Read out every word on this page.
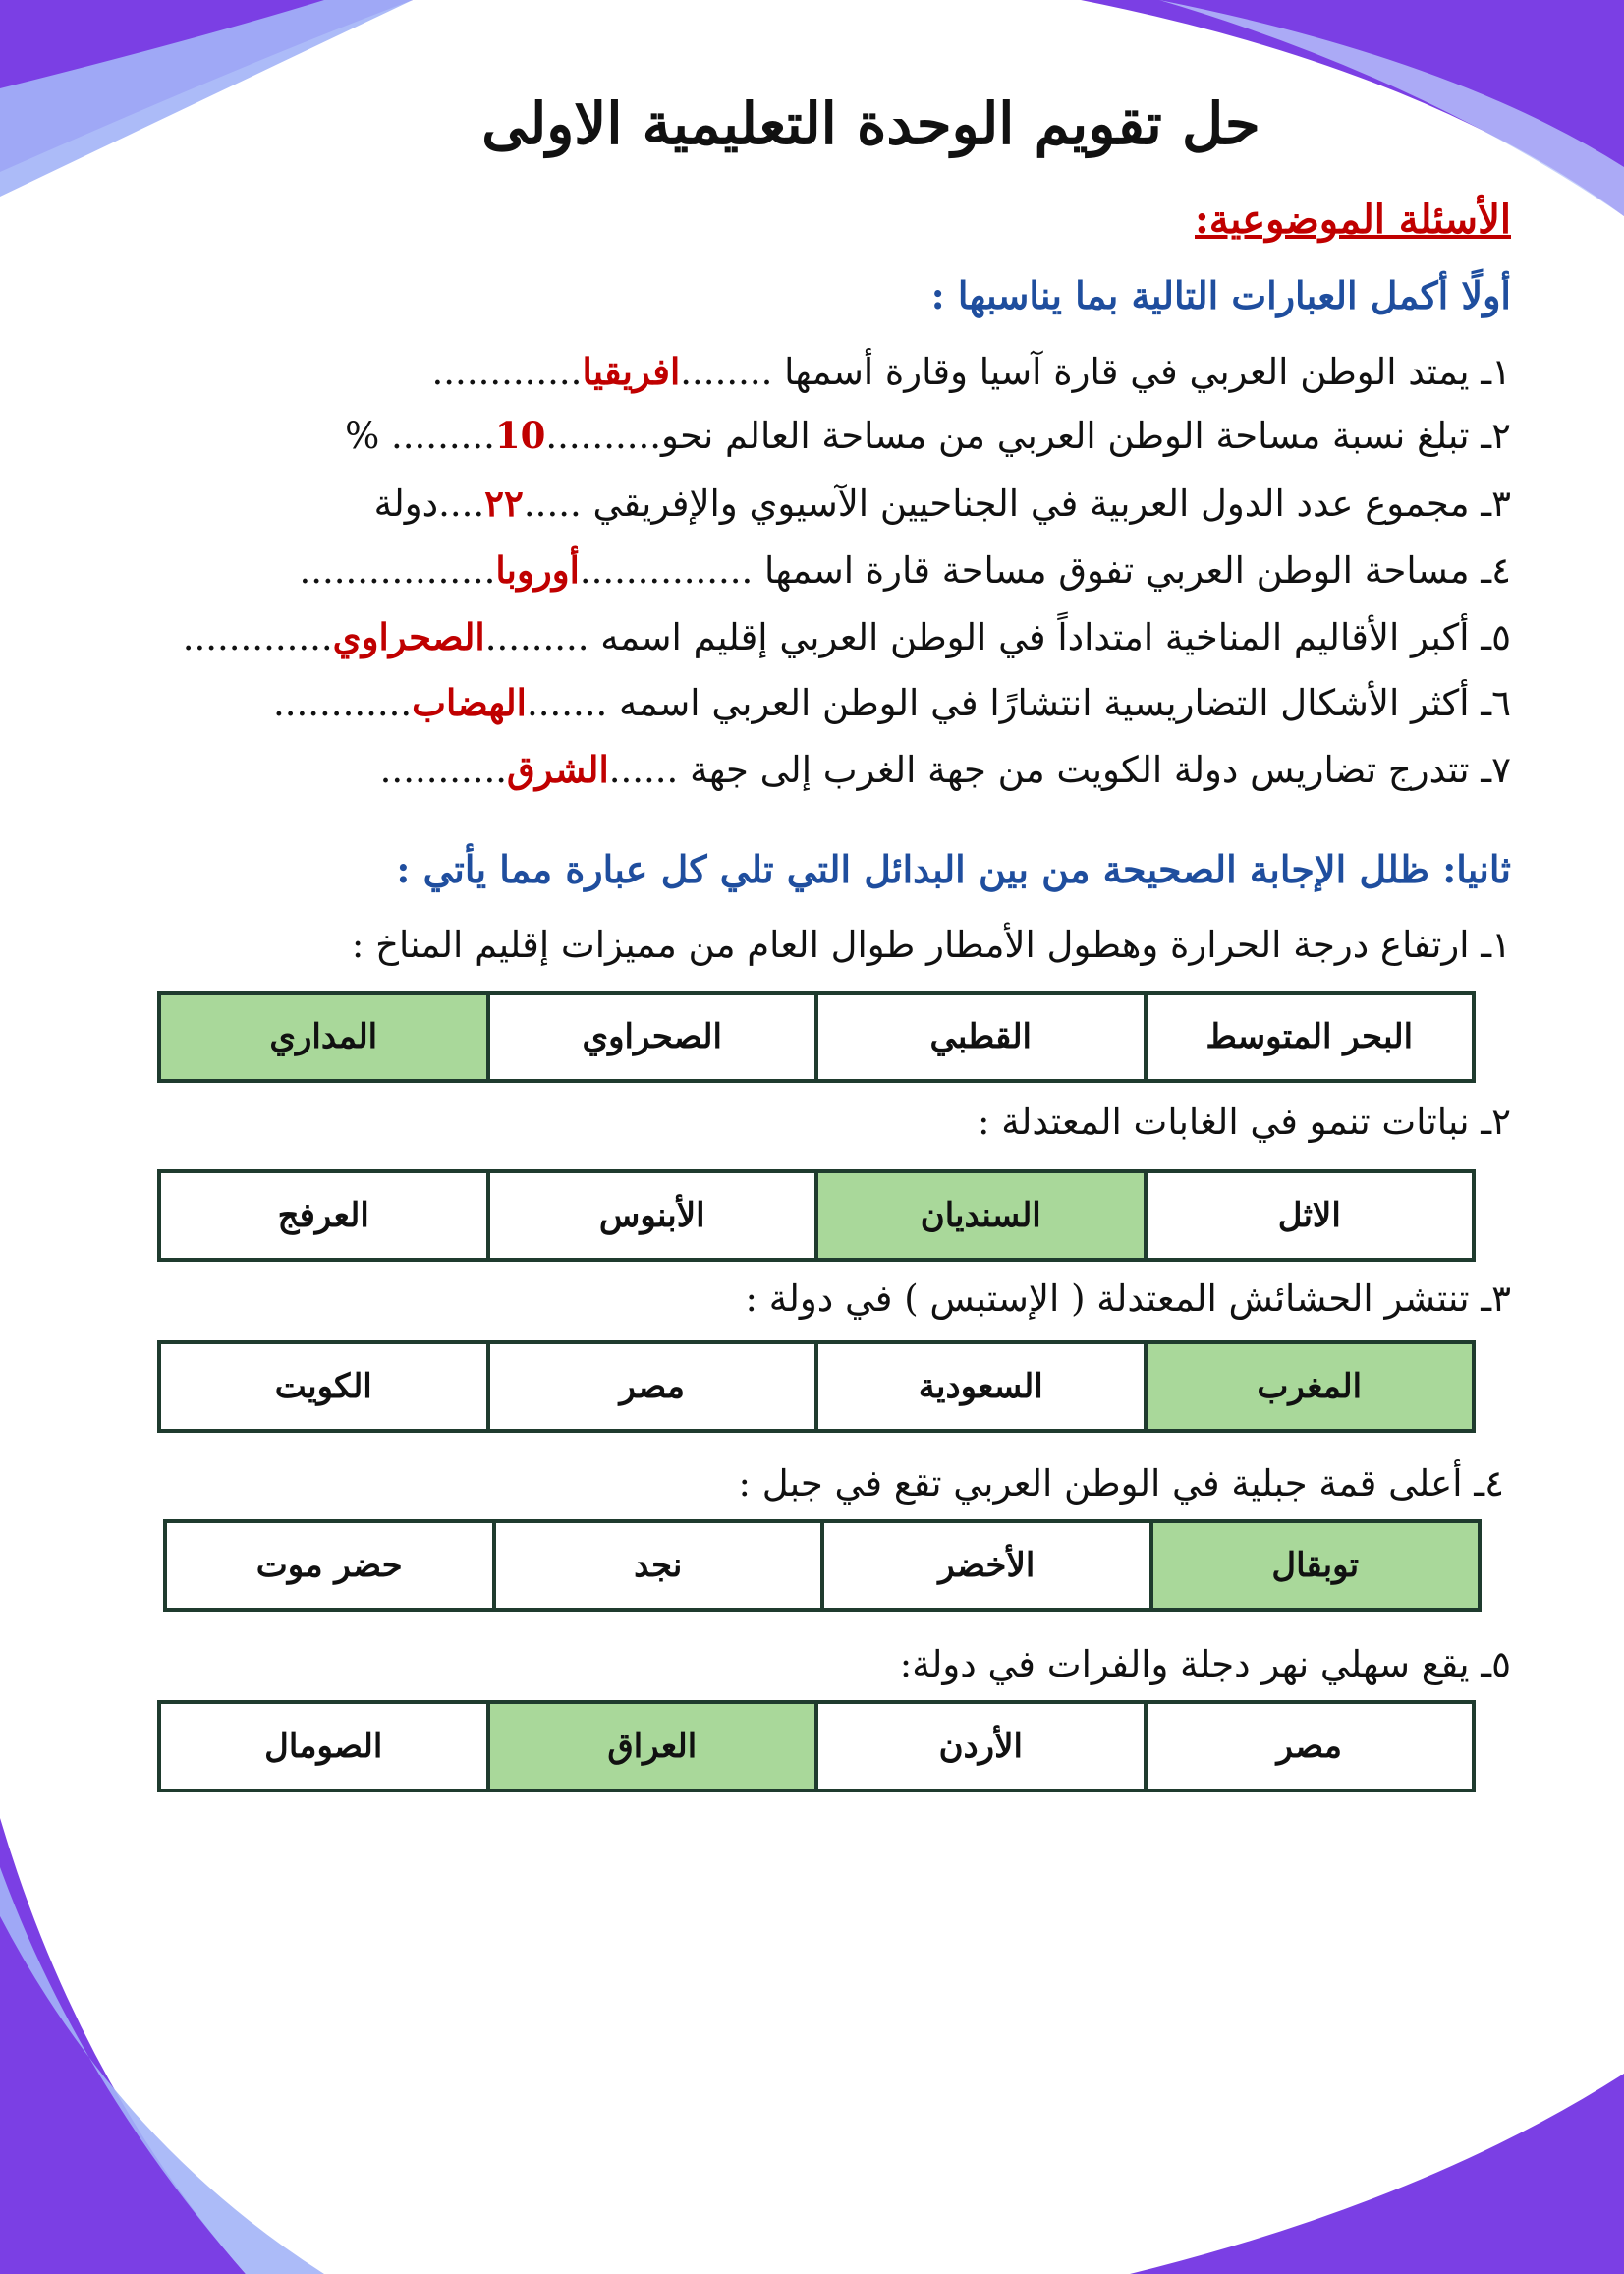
حل تقويم الوحدة التعليمية الاولى
الأسئلة الموضوعية:
أولًا أكمل العبارات التالية بما يناسبها :
١ـ يمتد الوطن العربي في قارة آسيا وقارة أسمها ........افريقيا.............
٢ـ تبلغ نسبة مساحة الوطن العربي من مساحة العالم نحو..........10......... %
٣ـ مجموع عدد الدول العربية في الجناحيين الآسيوي والإفريقي .....٢٢....دولة
٤ـ مساحة الوطن العربي تفوق مساحة قارة اسمها ...............أوروبا.................
٥ـ أكبر الأقاليم المناخية امتداداً في الوطن العربي إقليم اسمه .........الصحراوي.............
٦ـ أكثر الأشكال التضاريسية انتشارًا في الوطن العربي اسمه .......الهضاب............
٧ـ تتدرج تضاريس دولة الكويت من جهة الغرب إلى جهة ......الشرق...........
ثانيا: ظلل الإجابة الصحيحة من بين البدائل التي تلي كل عبارة مما يأتي :
١ـ ارتفاع درجة الحرارة وهطول الأمطار طوال العام من مميزات إقليم المناخ :
البحر المتوسط	القطبي	الصحراوي	المداري
٢ـ نباتات تنمو في الغابات المعتدلة :
الاثل	السنديان	الأبنوس	العرفج
٣ـ تنتشر الحشائش المعتدلة ( الإستبس ) في دولة :
المغرب	السعودية	مصر	الكويت
٤ـ أعلى قمة جبلية في الوطن العربي تقع في جبل :
توبقال	الأخضر	نجد	حضر موت
٥ـ يقع سهلي نهر دجلة والفرات في دولة:
مصر	الأردن	العراق	الصومال
